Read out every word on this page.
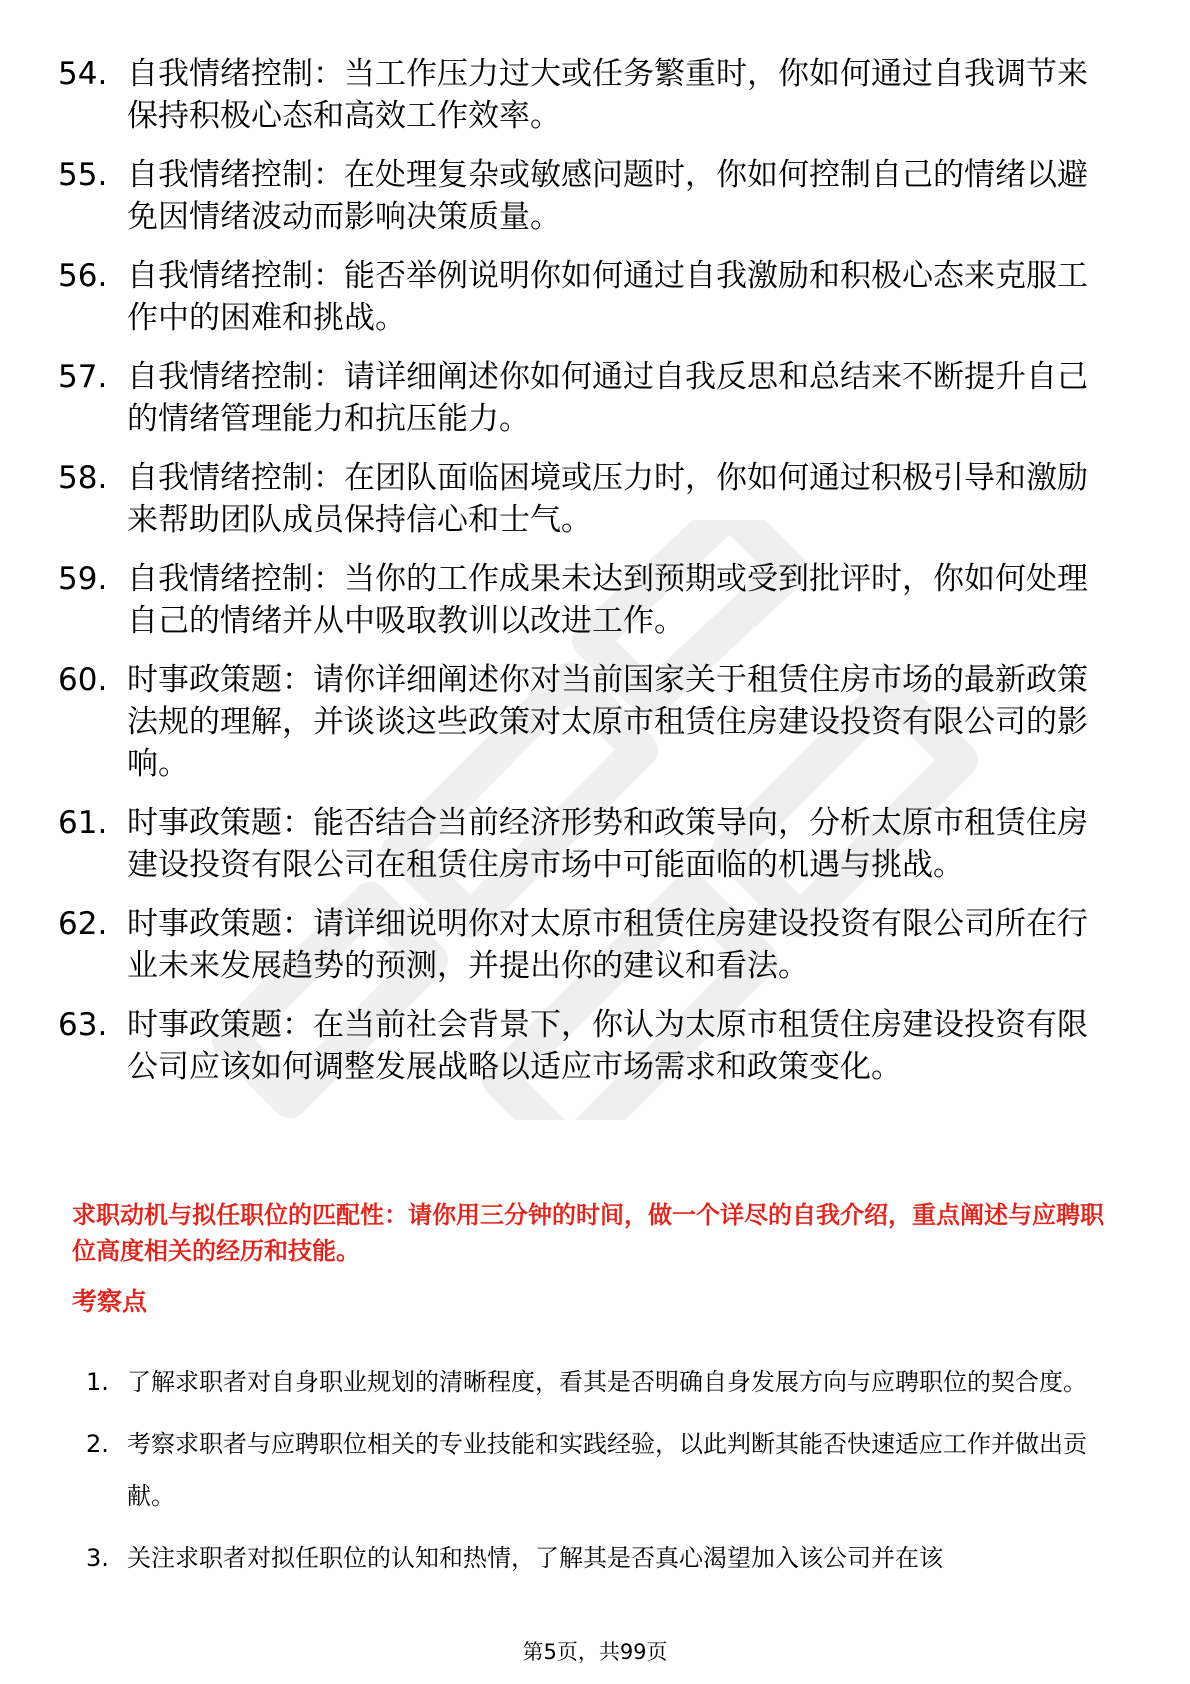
54. 自我情绪控制：当工作压力过大或任务繁重时，你如何通过自我调节来保持积极心态和高效工作效率。
55. 自我情绪控制：在处理复杂或敏感问题时，你如何控制自己的情绪以避免因情绪波动而影响决策质量。
56. 自我情绪控制：能否举例说明你如何通过自我激励和积极心态来克服工作中的困难和挑战。
57. 自我情绪控制：请详细阐述你如何通过自我反思和总结来不断提升自己的情绪管理能力和抗压能力。
58. 自我情绪控制：在团队面临困境或压力时，你如何通过积极引导和激励来帮助团队成员保持信心和士气。
59. 自我情绪控制：当你的工作成果未达到预期或受到批评时，你如何处理自己的情绪并从中吸取教训以改进工作。
60. 时事政策题：请你详细阐述你对当前国家关于租赁住房市场的最新政策法规的理解，并谈谈这些政策对太原市租赁住房建设投资有限公司的影响。
61. 时事政策题：能否结合当前经济形势和政策导向，分析太原市租赁住房建设投资有限公司在租赁住房市场中可能面临的机遇与挑战。
62. 时事政策题：请详细说明你对太原市租赁住房建设投资有限公司所在行业未来发展趋势的预测，并提出你的建议和看法。
63. 时事政策题：在当前社会背景下，你认为太原市租赁住房建设投资有限公司应该如何调整发展战略以适应市场需求和政策变化。
求职动机与拟任职位的匹配性：请你用三分钟的时间，做一个详尽的自我介绍，重点阐述与应聘职位高度相关的经历和技能。
考察点
1. 了解求职者对自身职业规划的清晰程度，看其是否明确自身发展方向与应聘职位的契合度。
2. 考察求职者与应聘职位相关的专业技能和实践经验，以此判断其能否快速适应工作并做出贡献。
3. 关注求职者对拟任职位的认知和热情，了解其是否真心渴望加入该公司并在该
第5页，共99页
